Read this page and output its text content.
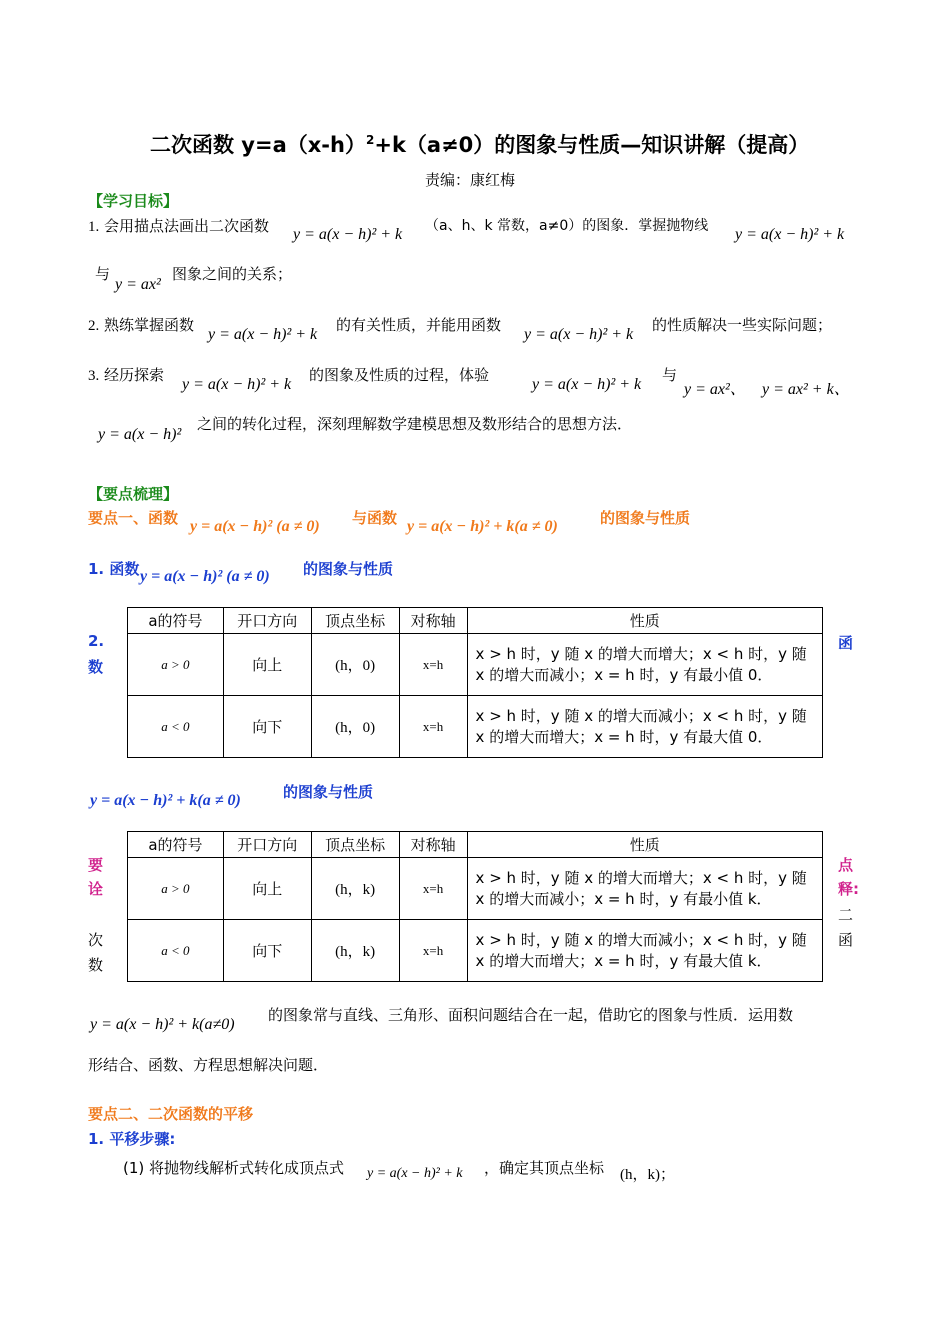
二次函数 $y=a(x-h)^2+k(a\ne 0)$的图象与性质—知识讲解（提高）
责编：康红梅
【学习目标】
1. 会用描点法画出二次函数 y = a(x − h)² + k （a、h、k 常数，a≠0）的图象．掌握抛物线 y = a(x − h)² + k
与
y = ax²
图象之间的关系；
2. 熟练掌握函数
y = a(x − h)² + k
的有关性质，并能用函数
y = a(x − h)² + k
的性质解决一些实际问题；
3. 经历探索
y = a(x − h)² + k
的图象及性质的过程，体验
y = a(x − h)² + k
与
y = ax²、 y = ax² + k、
y = a(x − h)²
之间的转化过程，深刻理解数学建模思想及数形结合的思想方法．
【要点梳理】
要点一、函数 y = a(x − h)² (a ≠ 0) 与函数 y = a(x − h)² + k(a ≠ 0)	的图象与性质
1. 函数 y = a(x − h)² (a ≠ 0) 的图象与性质
a的符号	开口方向	顶点坐标	对称轴	性质
a > 0	向上	(h，0)	x=h	x > h 时，y 随 x 的增大而增大；x < h 时，y 随 x 的增大而减小；x = h 时，y 有最小值 0．
a < 0	向下	(h，0)	x=h	x > h 时，y 随 x 的增大而减小；x < h 时，y 随 x 的增大而增大；x = h 时，y 有最大值 0．
2.
数
函
y = a(x − h)² + k(a ≠ 0)	的图象与性质
a的符号	开口方向	顶点坐标	对称轴	性质
a > 0	向上	(h，k)	x=h	x > h 时，y 随 x 的增大而增大；x < h 时，y 随 x 的增大而减小；x = h 时，y 有最小值 k．
a < 0	向下	(h，k)	x=h	x > h 时，y 随 x 的增大而减小；x < h 时，y 随 x 的增大而增大；x = h 时，y 有最大值 k．
要
诠
次
数
点
释:
二
函
y = a(x − h)² + k(a≠0)
的图象常与直线、三角形、面积问题结合在一起，借助它的图象与性质．运用数
形结合、函数、方程思想解决问题．
要点二、二次函数的平移
1. 平移步骤:
(1) 将抛物线解析式转化成顶点式 y = a(x − h)² + k ，确定其顶点坐标 (h，k)；
